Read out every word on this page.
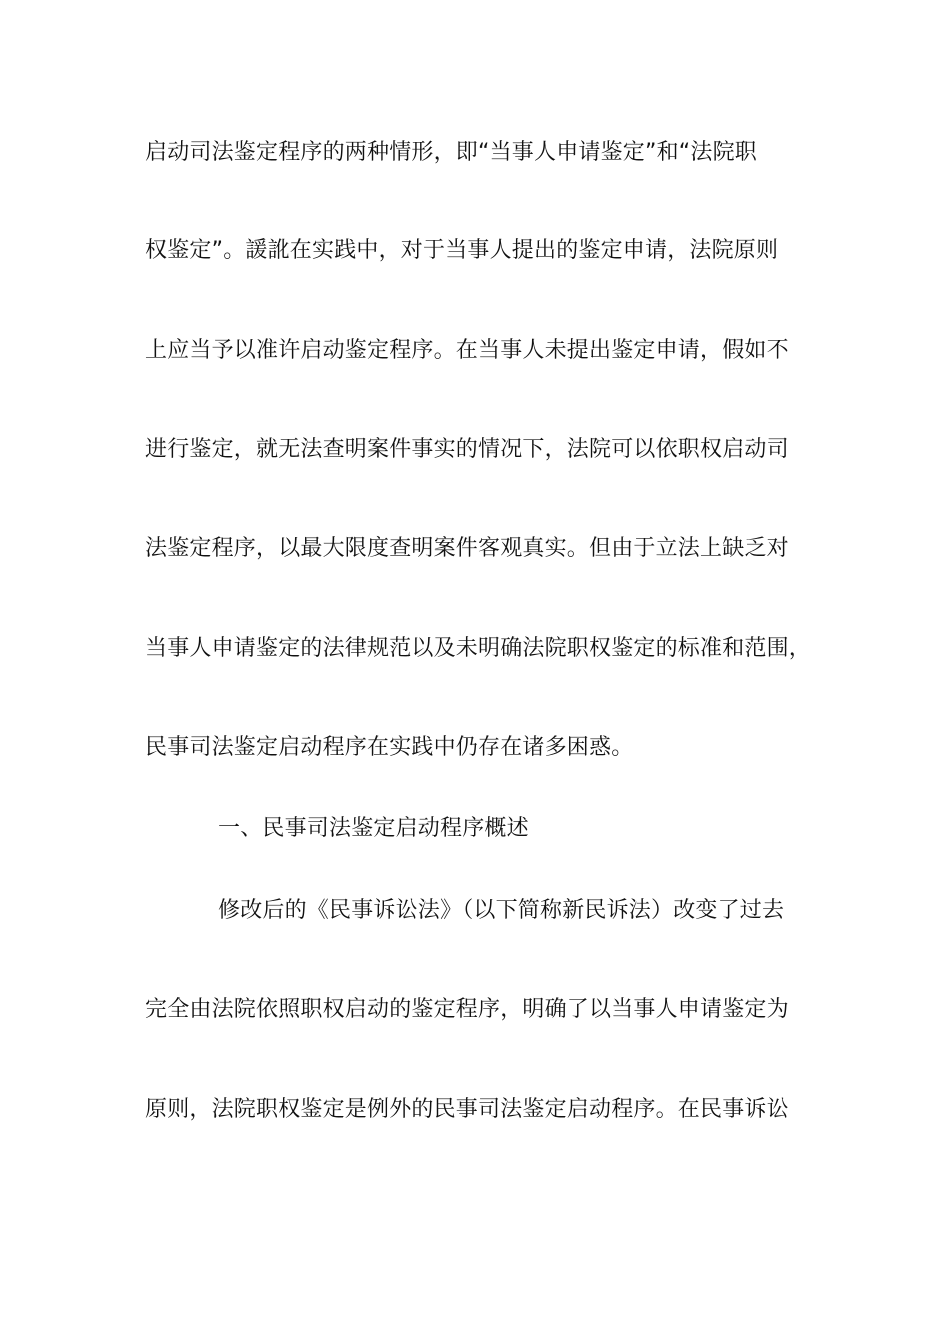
启动司法鉴定程序的两种情形，即“当事人申请鉴定”和“法院职
权鉴定”。諼訛在实践中，对于当事人提出的鉴定申请，法院原则
上应当予以准许启动鉴定程序。在当事人未提出鉴定申请，假如不
进行鉴定，就无法查明案件事实的情况下，法院可以依职权启动司
法鉴定程序，以最大限度查明案件客观真实。但由于立法上缺乏对
当事人申请鉴定的法律规范以及未明确法院职权鉴定的标准和范围，
民事司法鉴定启动程序在实践中仍存在诸多困惑。
一、民事司法鉴定启动程序概述
修改后的《民事诉讼法》（以下简称新民诉法）改变了过去
完全由法院依照职权启动的鉴定程序，明确了以当事人申请鉴定为
原则，法院职权鉴定是例外的民事司法鉴定启动程序。在民事诉讼
